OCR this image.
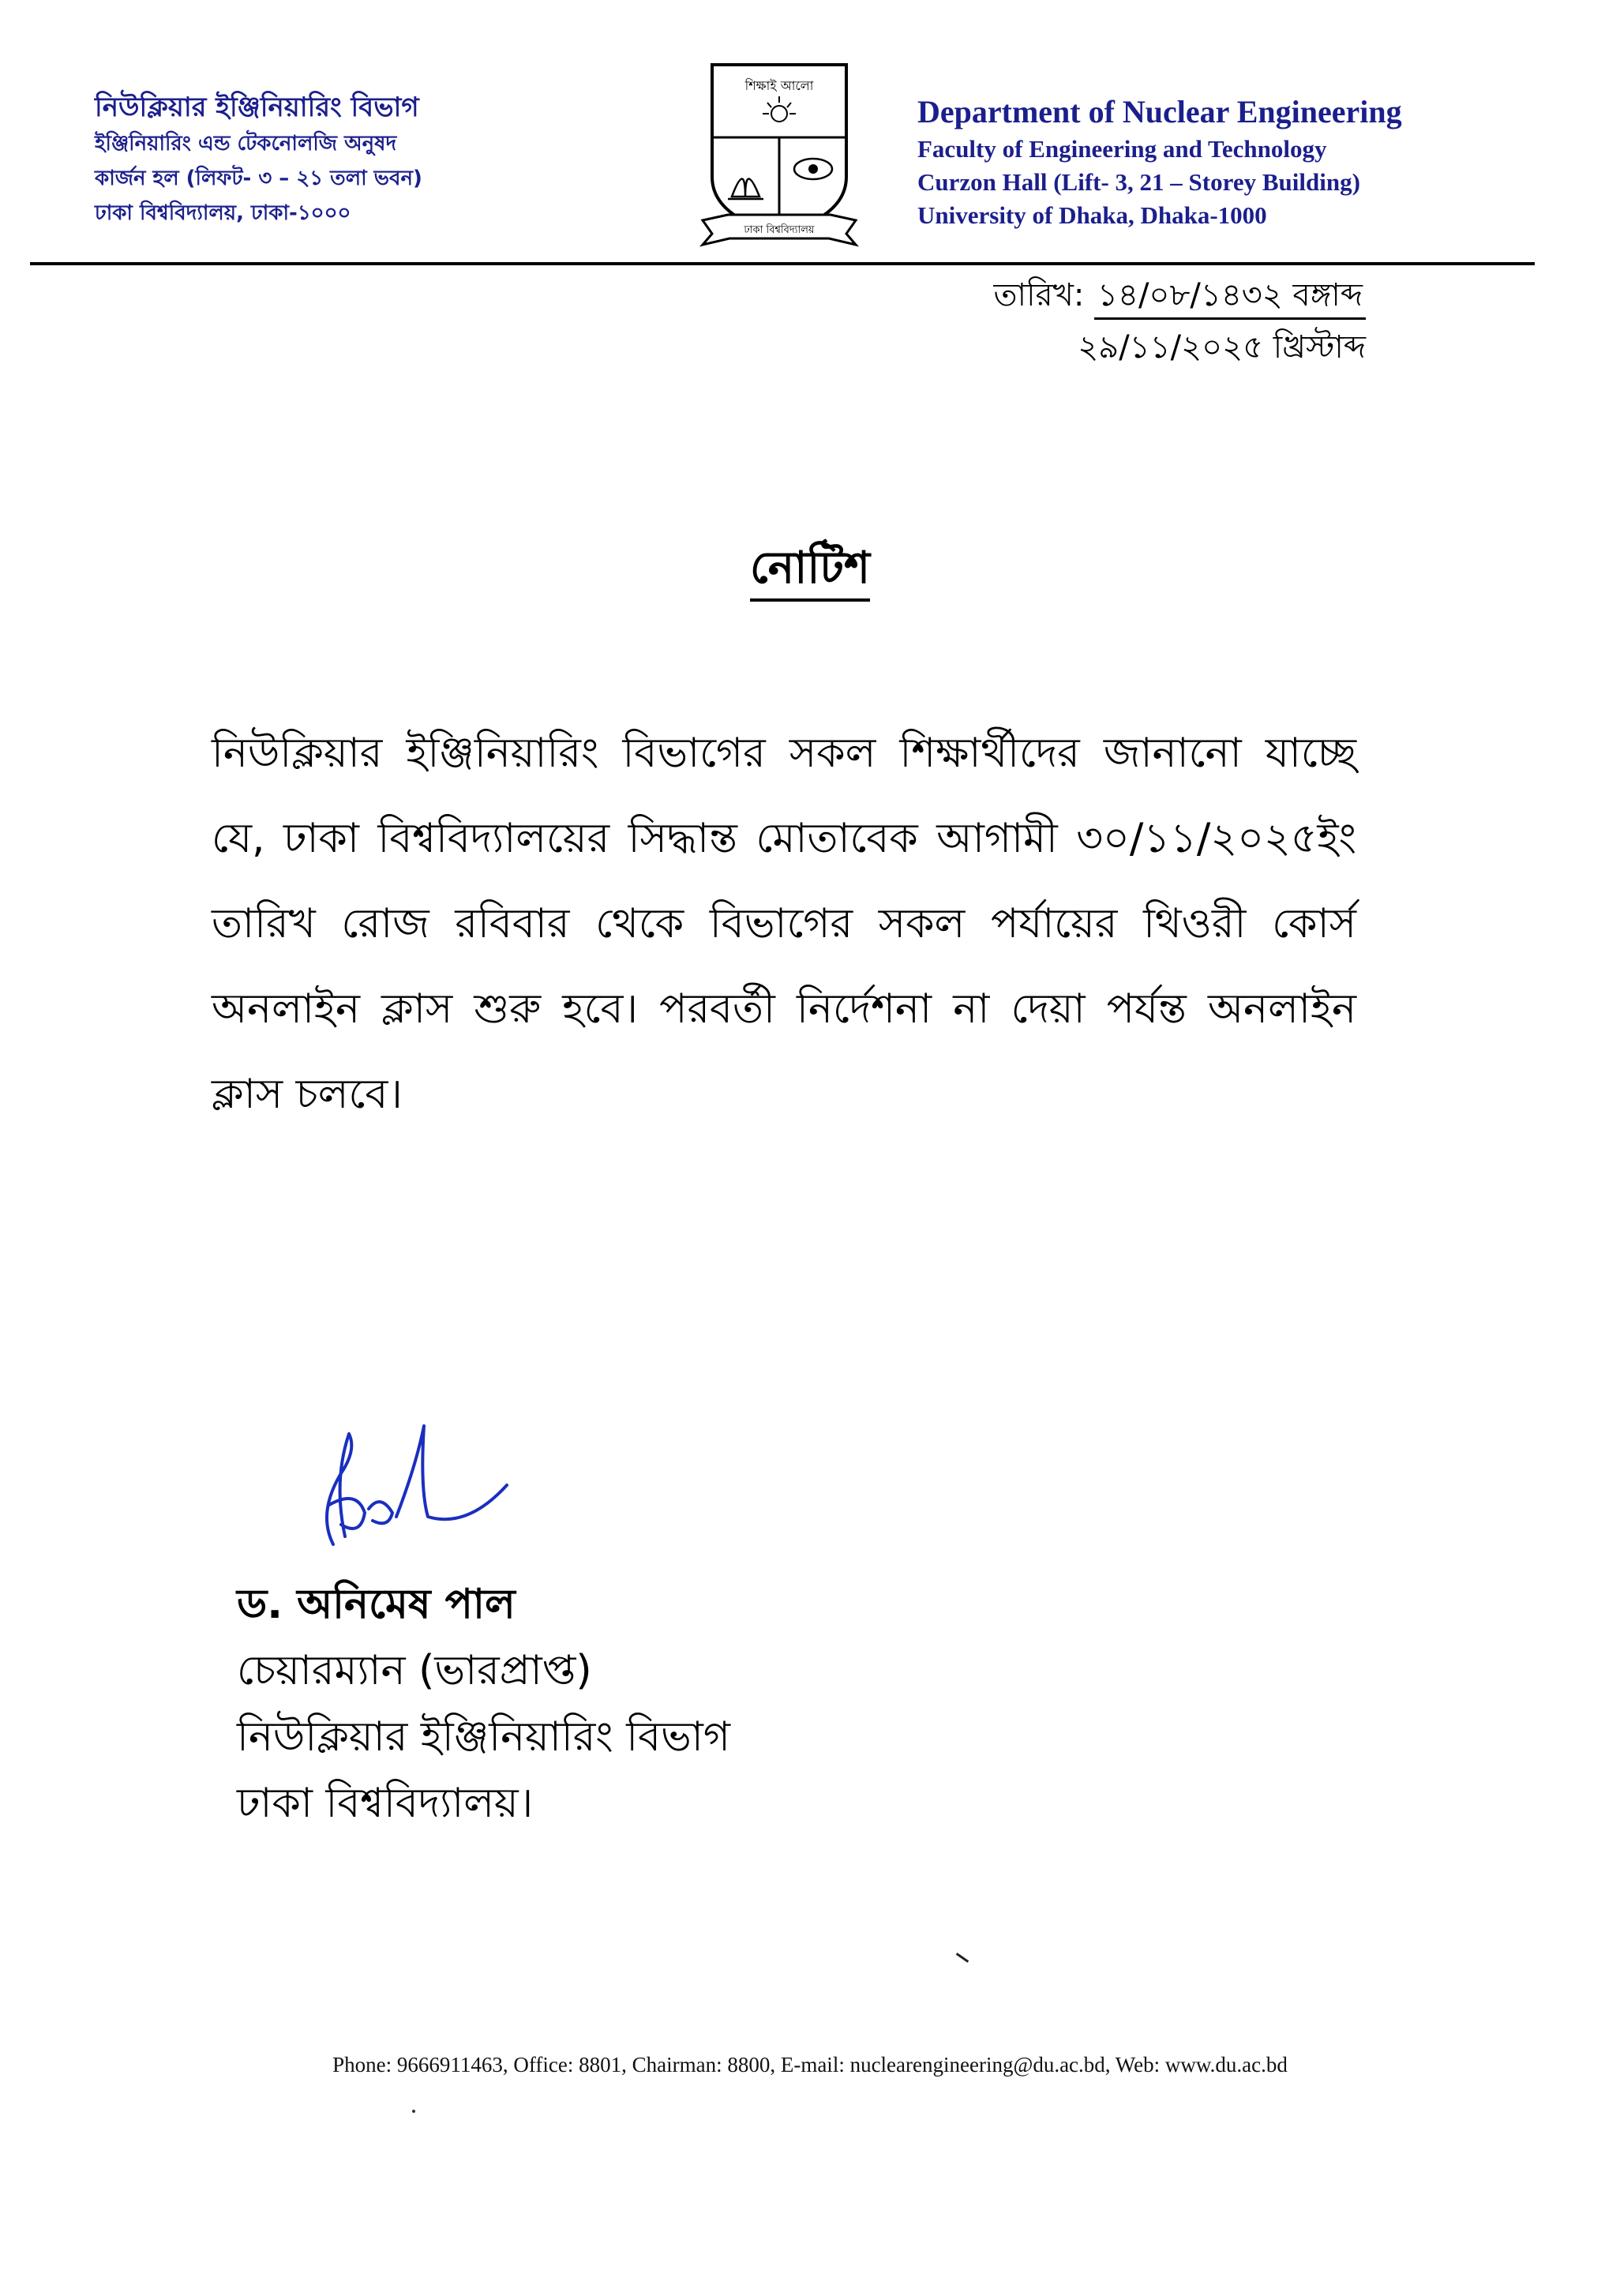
নিউক্লিয়ার ইঞ্জিনিয়ারিং বিভাগ
ইঞ্জিনিয়ারিং এন্ড টেকনোলজি অনুষদ
কার্জন হল (লিফট- ৩ – ২১ তলা ভবন)
ঢাকা বিশ্ববিদ্যালয়, ঢাকা-১০০০
ঢাকা বিশ্ববিদ্যালয়
শিক্ষাই আলো
Department of Nuclear Engineering
Faculty of Engineering and Technology
Curzon Hall (Lift- 3, 21 – Storey Building)
University of Dhaka, Dhaka-1000
তারিখ: ১৪/০৮/১৪৩২ বঙ্গাব্দ
২৯/১১/২০২৫ খ্রিস্টাব্দ
নোটিশ
নিউক্লিয়ার ইঞ্জিনিয়ারিং বিভাগের সকল শিক্ষার্থীদের জানানো যাচ্ছে যে, ঢাকা বিশ্ববিদ্যালয়ের সিদ্ধান্ত মোতাবেক আগামী ৩০/১১/২০২৫ইং তারিখ রোজ রবিবার থেকে বিভাগের সকল পর্যায়ের থিওরী কোর্স অনলাইন ক্লাস শুরু হবে। পরবর্তী নির্দেশনা না দেয়া পর্যন্ত অনলাইন ক্লাস চলবে।
ড. অনিমেষ পাল
চেয়ারম্যান (ভারপ্রাপ্ত)
নিউক্লিয়ার ইঞ্জিনিয়ারিং বিভাগ
ঢাকা বিশ্ববিদ্যালয়।
Phone: 9666911463, Office: 8801, Chairman: 8800, E-mail: nuclearengineering@du.ac.bd, Web: www.du.ac.bd
